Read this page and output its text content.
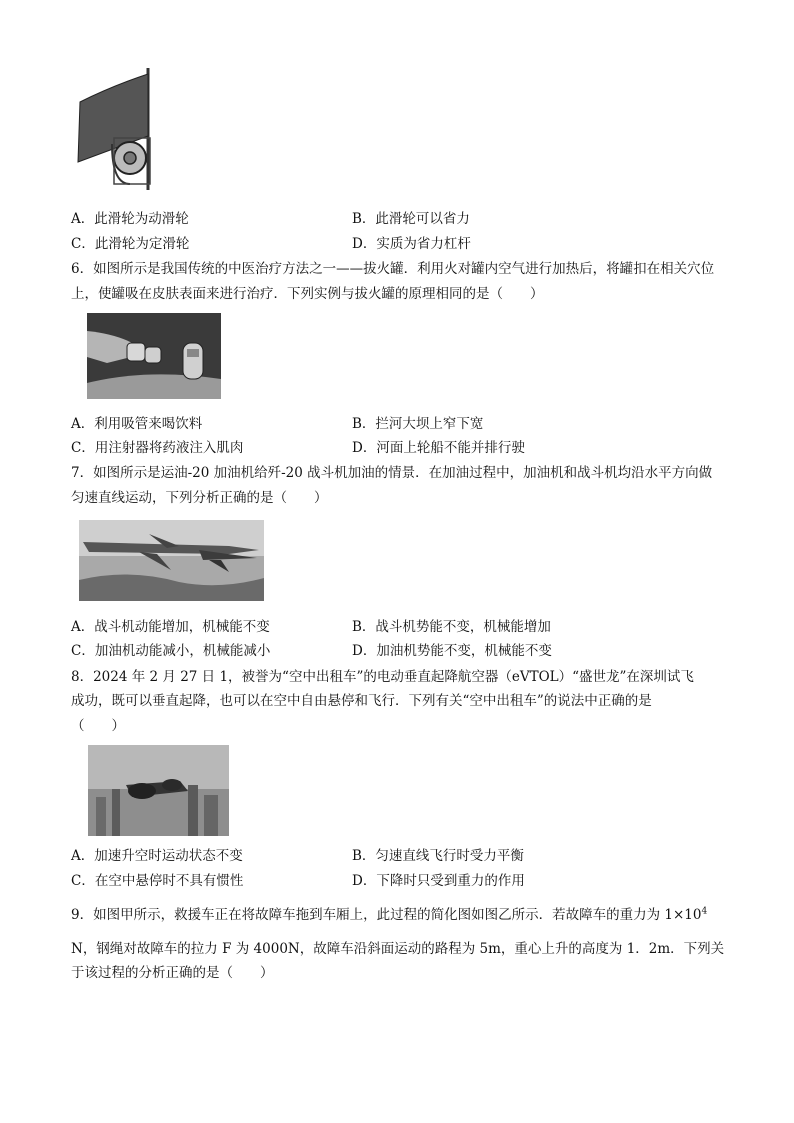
A．此滑轮为动滑轮	B．此滑轮可以省力
C．此滑轮为定滑轮	D．实质为省力杠杆
6．如图所示是我国传统的中医治疗方法之一——拔火罐．利用火对罐内空气进行加热后，将罐扣在相关穴位
上，使罐吸在皮肤表面来进行治疗．下列实例与拔火罐的原理相同的是（　　）
A．利用吸管来喝饮料	B．拦河大坝上窄下宽
C．用注射器将药液注入肌肉	D．河面上轮船不能并排行驶
7．如图所示是运油-20 加油机给歼-20 战斗机加油的情景．在加油过程中，加油机和战斗机均沿水平方向做
匀速直线运动，下列分析正确的是（　　）
A．战斗机动能增加，机械能不变	B．战斗机势能不变，机械能增加
C．加油机动能减小，机械能减小	D．加油机势能不变，机械能不变
8．2024 年 2 月 27 日 1，被誉为“空中出租车”的电动垂直起降航空器（eVTOL）“盛世龙”在深圳试飞
成功，既可以垂直起降，也可以在空中自由悬停和飞行．下列有关“空中出租车”的说法中正确的是
（　　）
A．加速升空时运动状态不变	B．匀速直线飞行时受力平衡
C．在空中悬停时不具有惯性	D．下降时只受到重力的作用
9．如图甲所示，救援车正在将故障车拖到车厢上，此过程的简化图如图乙所示．若故障车的重力为 $1\times 10^4$
N，钢绳对故障车的拉力 F 为 4000N，故障车沿斜面运动的路程为 5m，重心上升的高度为 1．2m．下列关
于该过程的分析正确的是（　　）
